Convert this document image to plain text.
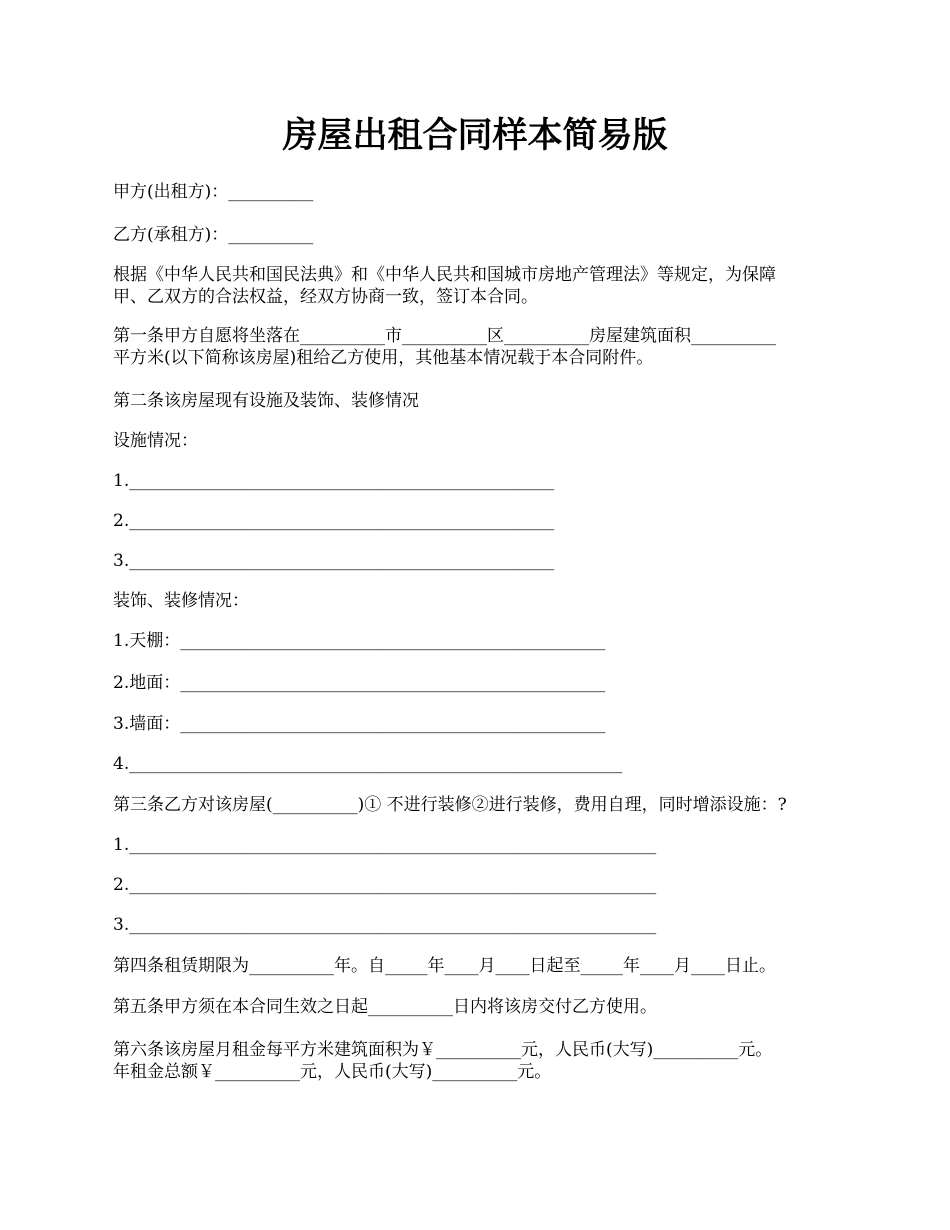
房屋出租合同样本简易版
甲方(出租方)：__________
乙方(承租方)：__________
根据《中华人民共和国民法典》和《中华人民共和国城市房地产管理法》等规定，为保障
甲、乙双方的合法权益，经双方协商一致，签订本合同。
第一条甲方自愿将坐落在__________市__________区__________房屋建筑面积__________
平方米(以下简称该房屋)租给乙方使用，其他基本情况载于本合同附件。
第二条该房屋现有设施及装饰、装修情况
设施情况：
1.__________________________________________________
2.__________________________________________________
3.__________________________________________________
装饰、装修情况：
1.天棚：__________________________________________________
2.地面：__________________________________________________
3.墙面：__________________________________________________
4.__________________________________________________________
第三条乙方对该房屋(__________)① 不进行装修②进行装修，费用自理，同时增添设施：?
1.______________________________________________________________
2.______________________________________________________________
3.______________________________________________________________
第四条租赁期限为__________年。自_____年____月____日起至_____年____月____日止。
第五条甲方须在本合同生效之日起__________日内将该房交付乙方使用。
第六条该房屋月租金每平方米建筑面积为￥__________元，人民币(大写)__________元。
年租金总额￥__________元，人民币(大写)__________元。
